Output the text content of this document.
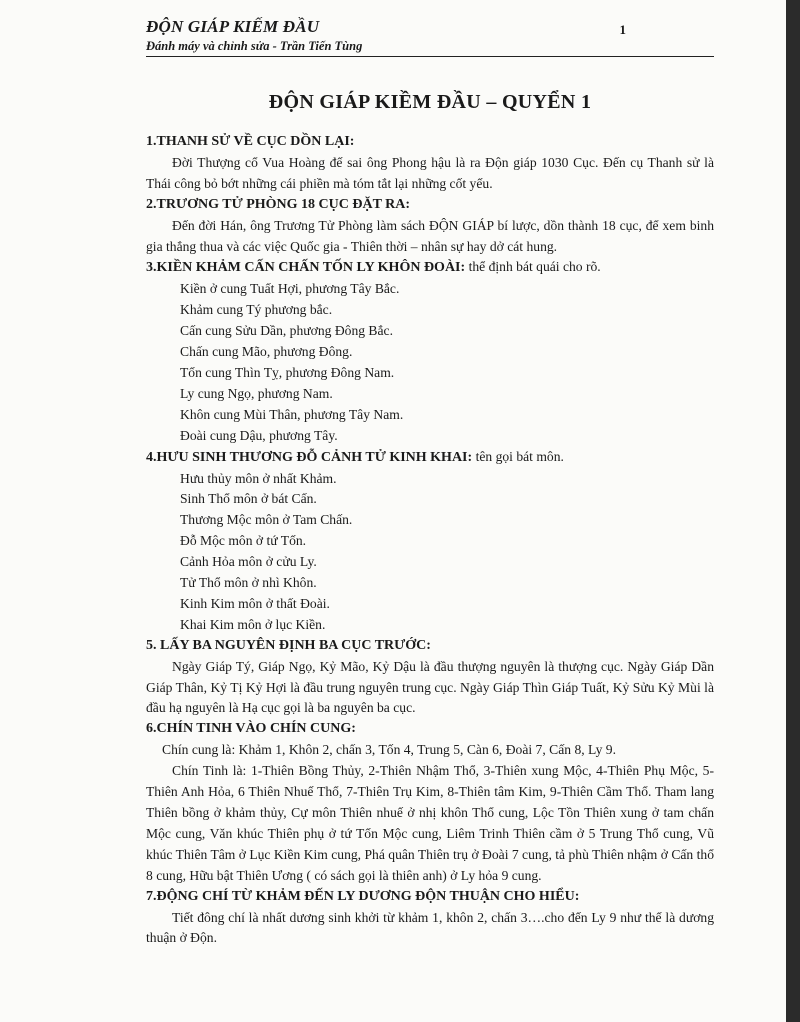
ĐỘN GIÁP KIẾM ĐẦU
Đánh máy và chỉnh sửa - Trần Tiến Tùng
1
ĐỘN GIÁP KIỀM ĐẦU – QUYỂN 1
1.THANH SỬ VỀ CỤC DỒN LẠI:
Đời Thượng cổ Vua Hoàng đế sai ông Phong hậu là ra Độn giáp 1030 Cục. Đến cụ Thanh sử là Thái công bỏ bớt những cái phiền mà tóm tắt lại những cốt yếu.
2.TRƯƠNG TỬ PHÒNG 18 CỤC ĐẶT RA:
Đến đời Hán, ông Trương Tử Phòng làm sách ĐỘN GIÁP bí lược, dồn thành 18 cục, để xem binh gia thắng thua và các việc Quốc gia - Thiên thời – nhân sự hay dở cát hung.
3.KIỀN KHẢM CẤN CHẤN TỐN LY KHÔN ĐOÀI: thể định bát quái cho rõ.
Kiền ở cung Tuất Hợi, phương Tây Bắc.
Khảm cung Tý phương bắc.
Cấn cung Sửu Dần, phương Đông Bắc.
Chấn cung Mão, phương Đông.
Tốn cung Thìn Tỵ, phương Đông Nam.
Ly cung Ngọ, phương Nam.
Khôn cung Mùi Thân, phương Tây Nam.
Đoài cung Dậu, phương Tây.
4.HƯU SINH THƯƠNG ĐỖ CẢNH TỬ KINH KHAI: tên gọi bát môn.
Hưu thủy môn ở nhất Khảm.
Sinh Thổ môn ở bát Cấn.
Thương Mộc môn ở Tam Chấn.
Đỗ Mộc môn ở tứ Tốn.
Cảnh Hỏa môn ở cửu Ly.
Tử Thổ môn ở nhì Khôn.
Kinh Kim môn ở thất Đoài.
Khai Kim môn ở lục Kiền.
5. LẤY BA NGUYÊN ĐỊNH BA CỤC TRƯỚC:
Ngày Giáp Tý, Giáp Ngọ, Kỷ Mão, Kỷ Dậu là đầu thượng nguyên là thượng cục. Ngày Giáp Dần Giáp Thân, Kỷ Tị Kỷ Hợi là đầu trung nguyên trung cục. Ngày Giáp Thìn Giáp Tuất, Kỷ Sửu Kỷ Mùi là đầu hạ nguyên là Hạ cục gọi là ba nguyên ba cục.
6.CHÍN TINH VÀO CHÍN CUNG:
Chín cung là: Khảm 1, Khôn 2, chấn 3, Tốn 4, Trung 5, Càn 6, Đoài 7, Cấn 8, Ly 9.
Chín Tinh là: 1-Thiên Bồng Thủy, 2-Thiên Nhậm Thổ, 3-Thiên xung Mộc, 4-Thiên Phụ Mộc, 5-Thiên Anh Hỏa, 6 Thiên Nhuế Thổ, 7-Thiên Trụ Kim, 8-Thiên tâm Kim, 9-Thiên Cầm Thổ. Tham lang Thiên bồng ở khảm thủy, Cự môn Thiên nhuế ở nhị khôn Thổ cung, Lộc Tồn Thiên xung ở tam chấn Mộc cung, Văn khúc Thiên phụ ở tứ Tốn Mộc cung, Liêm Trinh Thiên cầm ở 5 Trung Thổ cung, Vũ khúc Thiên Tâm ở Lục Kiền Kim cung, Phá quân Thiên trụ ở Đoài 7 cung, tả phù Thiên nhậm ở Cấn thổ 8 cung, Hữu bật Thiên Ương ( có sách gọi là thiên anh) ở Ly hỏa 9 cung.
7.ĐỘNG CHÍ TỪ KHẢM ĐẾN LY DƯƠNG ĐỘN THUẬN CHO HIỂU:
Tiết đông chí là nhất dương sinh khởi từ khảm 1, khôn 2, chấn 3….cho đến Ly 9 như thế là dương thuận ở Độn.
